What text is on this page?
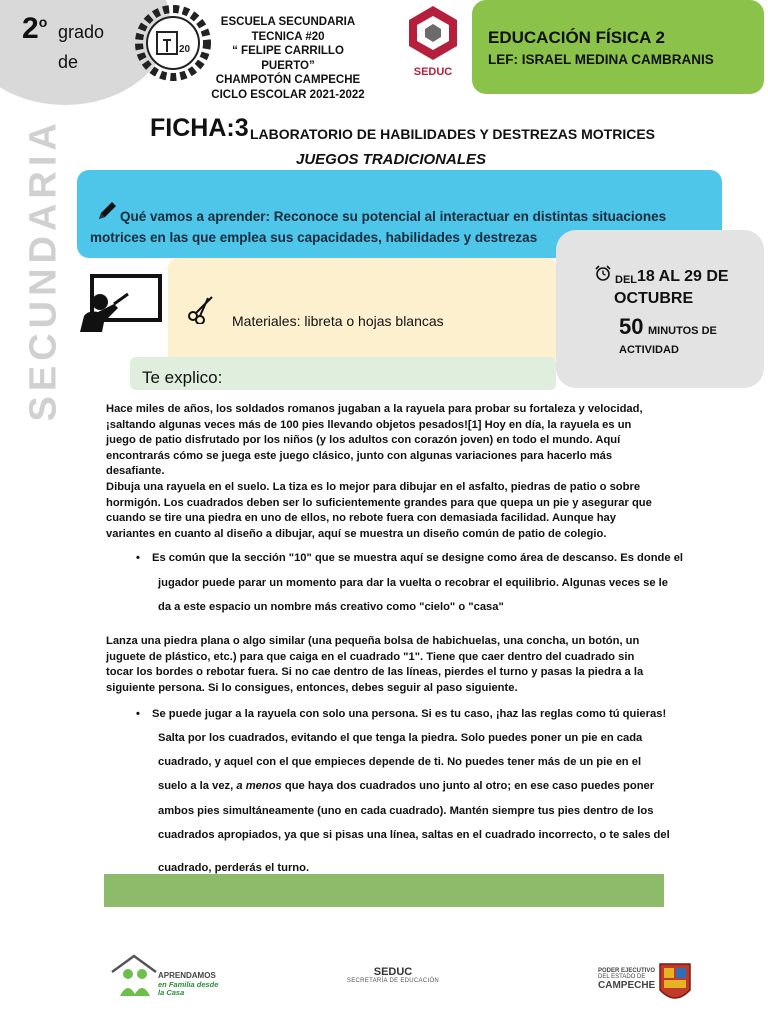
2$^o$ grado
de
20
ESCUELA SECUNDARIA TECNICA #20
“ FELIPE CARRILLO PUERTO”
CHAMPOTÓN CAMPECHE
CICLO ESCOLAR 2021-2022
SEDUC
EDUCACIÓN FÍSICA 2
LEF: ISRAEL MEDINA CAMBRANIS
SECUNDARIA	FICHA:3 LABORATORIO DE HABILIDADES Y DESTREZAS MOTRICES
JUEGOS TRADICIONALES
Qué vamos a aprender: Reconoce su potencial al interactuar en distintas situaciones motrices en las que emplea sus capacidades, habilidades y destrezas
Materiales: libreta o hojas blancas
DEL 18 AL 29 DE
OCTUBRE
50 MINUTOS DE
ACTIVIDAD
Te explico:
Hace miles de años, los soldados romanos jugaban a la rayuela para probar su fortaleza y velocidad, ¡saltando algunas veces más de 100 pies llevando objetos pesados![1] Hoy en día, la rayuela es un juego de patio disfrutado por los niños (y los adultos con corazón joven) en todo el mundo. Aquí encontrarás cómo se juega este juego clásico, junto con algunas variaciones para hacerlo más desafiante.
Dibuja una rayuela en el suelo. La tiza es lo mejor para dibujar en el asfalto, piedras de patio o sobre hormigón. Los cuadrados deben ser lo suficientemente grandes para que quepa un pie y asegurar que cuando se tire una piedra en uno de ellos, no rebote fuera con demasiada facilidad. Aunque hay variantes en cuanto al diseño a dibujar, aquí se muestra un diseño común de patio de colegio.
• Es común que la sección "10" que se muestra aquí se designe como área de descanso. Es donde el
jugador puede parar un momento para dar la vuelta o recobrar el equilibrio. Algunas veces se le
da a este espacio un nombre más creativo como "cielo" o "casa"
Lanza una piedra plana o algo similar (una pequeña bolsa de habichuelas, una concha, un botón, un juguete de plástico, etc.) para que caiga en el cuadrado "1". Tiene que caer dentro del cuadrado sin tocar los bordes o rebotar fuera. Si no cae dentro de las líneas, pierdes el turno y pasas la piedra a la siguiente persona. Si lo consigues, entonces, debes seguir al paso siguiente.
• Se puede jugar a la rayuela con solo una persona. Si es tu caso, ¡haz las reglas como tú quieras!
Salta por los cuadrados, evitando el que tenga la piedra. Solo puedes poner un pie en cada
cuadrado, y aquel con el que empieces depende de ti. No puedes tener más de un pie en el
suelo a la vez, a menos que haya dos cuadrados uno junto al otro; en ese caso puedes poner
ambos pies simultáneamente (uno en cada cuadrado). Mantén siempre tus pies dentro de los
cuadrados apropiados, ya que si pisas una línea, saltas en el cuadrado incorrecto, o te sales del
cuadrado, perderás el turno.
APRENDAMOS
en Familia desde
la Casa
SEDUC
SECRETARÍA DE EDUCACIÓN
PODER EJECUTIVO
DEL ESTADO DE
CAMPECHE
